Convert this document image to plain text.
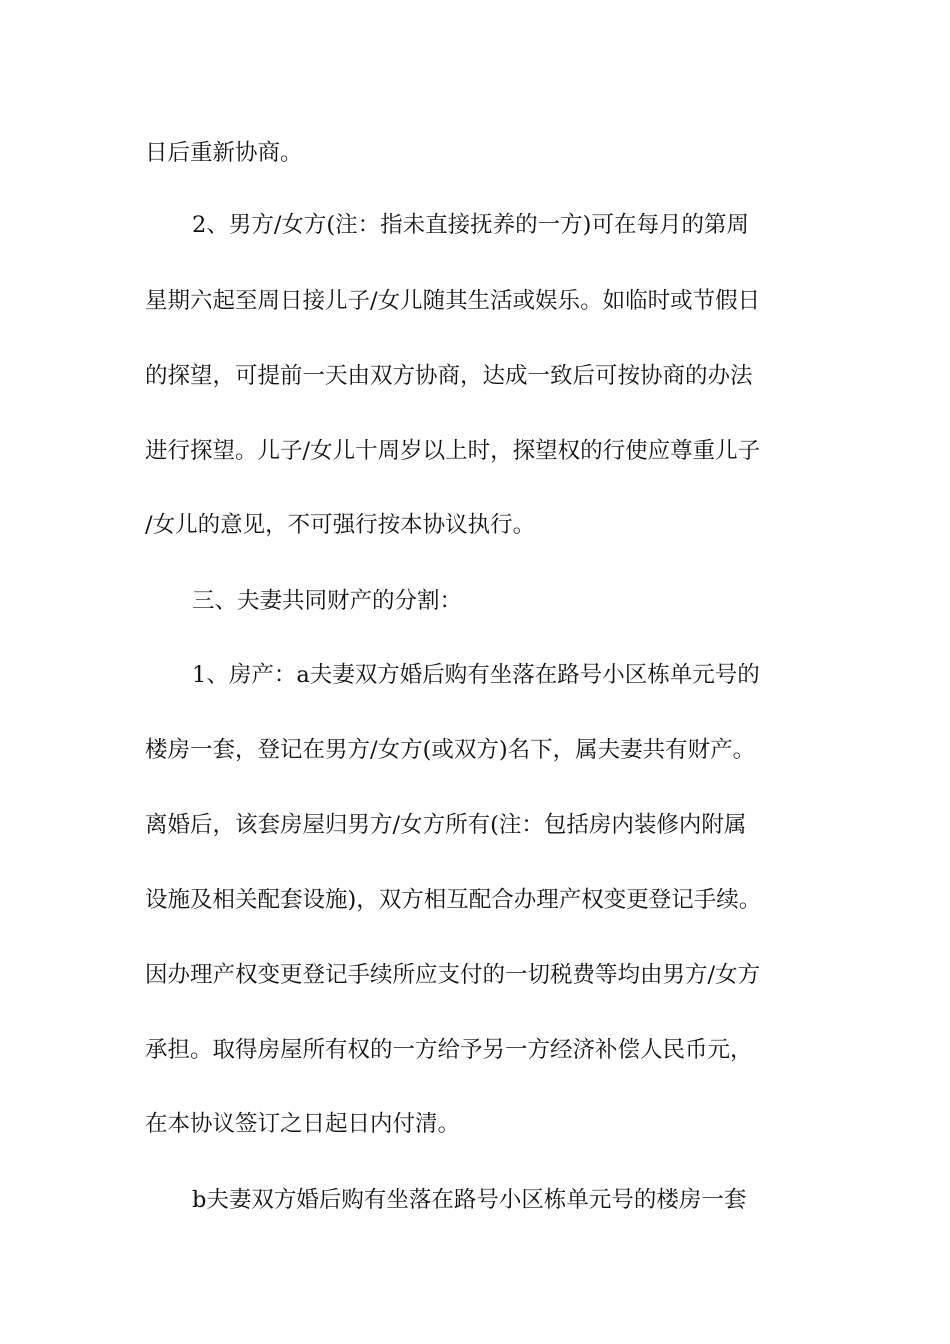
日后重新协商。
2、男方/女方(注：指未直接抚养的一方)可在每月的第周
星期六起至周日接儿子/女儿随其生活或娱乐。如临时或节假日
的探望，可提前一天由双方协商，达成一致后可按协商的办法
进行探望。儿子/女儿十周岁以上时，探望权的行使应尊重儿子
/女儿的意见，不可强行按本协议执行。
三、夫妻共同财产的分割：
1、房产：a夫妻双方婚后购有坐落在路号小区栋单元号的
楼房一套，登记在男方/女方(或双方)名下，属夫妻共有财产。
离婚后，该套房屋归男方/女方所有(注：包括房内装修内附属
设施及相关配套设施)，双方相互配合办理产权变更登记手续。
因办理产权变更登记手续所应支付的一切税费等均由男方/女方
承担。取得房屋所有权的一方给予另一方经济补偿人民币元，
在本协议签订之日起日内付清。
b夫妻双方婚后购有坐落在路号小区栋单元号的楼房一套
